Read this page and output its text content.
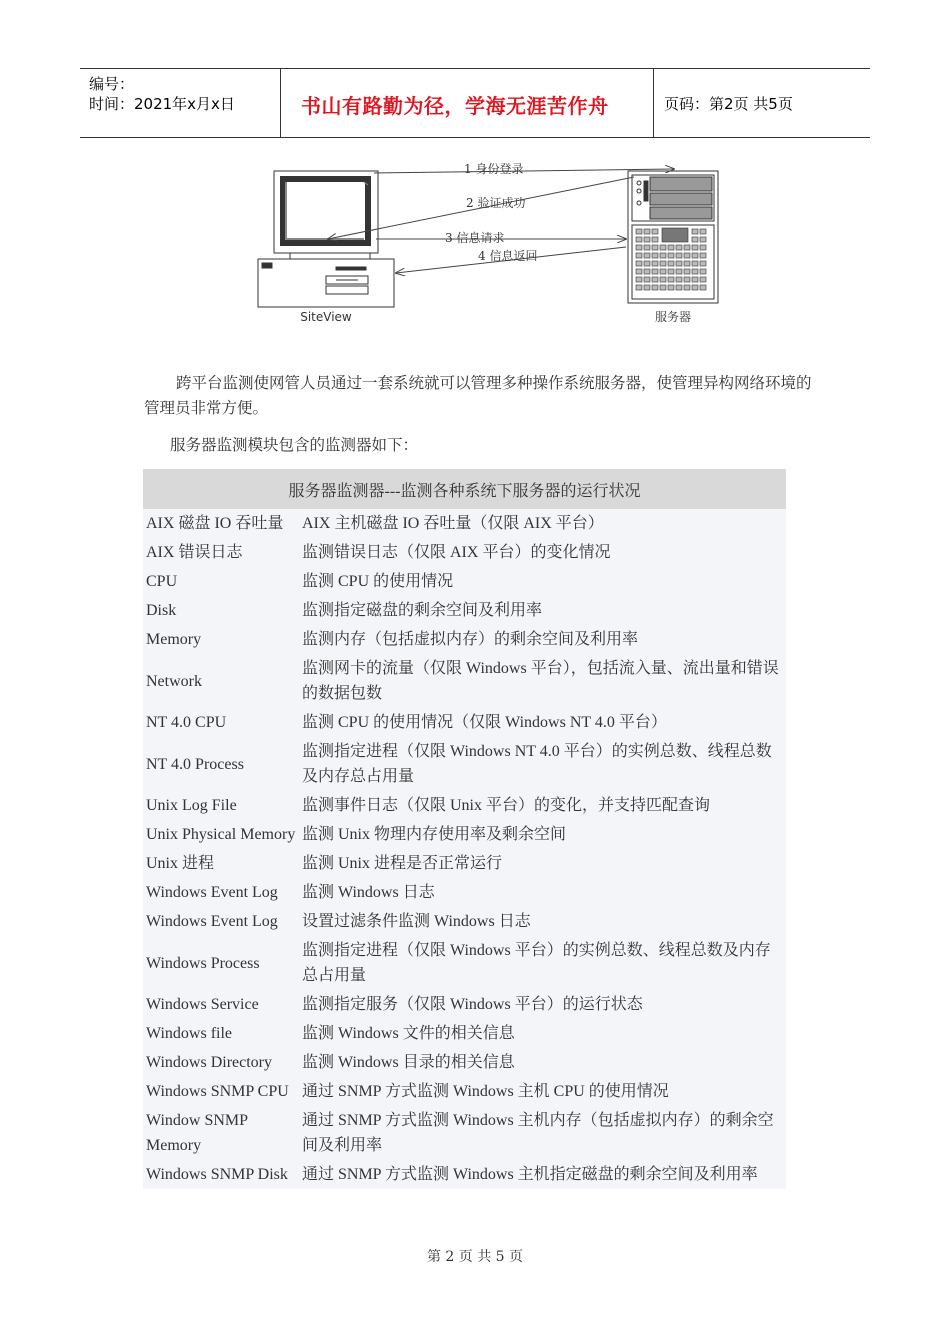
编号：
时间：2021年x月x日	书山有路勤为径，学海无涯苦作舟	页码：第2页 共5页
SiteView	服务器
1 身份登录
2 验证成功
3 信息请求
4 信息返回
跨平台监测使网管人员通过一套系统就可以管理多种操作系统服务器，使管理异构网络环境的管理员非常方便。
服务器监测模块包含的监测器如下：
服务器监测器---监测各种系统下服务器的运行状况	
AIX 磁盘 IO 吞吐量	AIX 主机磁盘 IO 吞吐量（仅限 AIX 平台）
AIX 错误日志	监测错误日志（仅限 AIX 平台）的变化情况
CPU	监测 CPU 的使用情况
Disk	监测指定磁盘的剩余空间及利用率
Memory	监测内存（包括虚拟内存）的剩余空间及利用率
Network	监测网卡的流量（仅限 Windows 平台），包括流入量、流出量和错误的数据包数
NT 4.0 CPU	监测 CPU 的使用情况（仅限 Windows NT 4.0 平台）
NT 4.0 Process	监测指定进程（仅限 Windows NT 4.0 平台）的实例总数、线程总数及内存总占用量
Unix Log File	监测事件日志（仅限 Unix 平台）的变化，并支持匹配查询
Unix Physical Memory	监测 Unix 物理内存使用率及剩余空间
Unix 进程	监测 Unix 进程是否正常运行
Windows Event Log	监测 Windows 日志
Windows Event Log	设置过滤条件监测 Windows 日志
Windows Process	监测指定进程（仅限 Windows 平台）的实例总数、线程总数及内存总占用量
Windows Service	监测指定服务（仅限 Windows 平台）的运行状态
Windows file	监测 Windows 文件的相关信息
Windows Directory	监测 Windows 目录的相关信息
Windows SNMP CPU	通过 SNMP 方式监测 Windows 主机 CPU 的使用情况
Window SNMP Memory	通过 SNMP 方式监测 Windows 主机内存（包括虚拟内存）的剩余空间及利用率
Windows SNMP Disk	通过 SNMP 方式监测 Windows 主机指定磁盘的剩余空间及利用率
第 2 页 共 5 页
